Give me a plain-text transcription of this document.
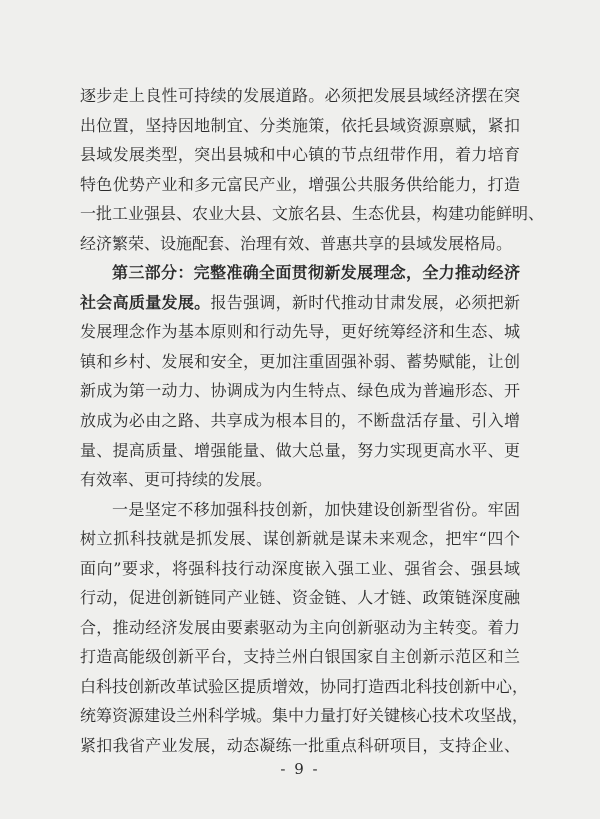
逐步走上良性可持续的发展道路。必须把发展县域经济摆在突
出位置，坚持因地制宜、分类施策，依托县域资源禀赋，紧扣
县域发展类型，突出县城和中心镇的节点纽带作用，着力培育
特色优势产业和多元富民产业，增强公共服务供给能力，打造
一批工业强县、农业大县、文旅名县、生态优县，构建功能鲜明、
经济繁荣、设施配套、治理有效、普惠共享的县域发展格局。
第三部分：完整准确全面贯彻新发展理念，全力推动经济
社会高质量发展。报告强调，新时代推动甘肃发展，必须把新
发展理念作为基本原则和行动先导，更好统筹经济和生态、城
镇和乡村、发展和安全，更加注重固强补弱、蓄势赋能，让创
新成为第一动力、协调成为内生特点、绿色成为普遍形态、开
放成为必由之路、共享成为根本目的，不断盘活存量、引入增
量、提高质量、增强能量、做大总量，努力实现更高水平、更
有效率、更可持续的发展。
一是坚定不移加强科技创新，加快建设创新型省份。牢固
树立抓科技就是抓发展、谋创新就是谋未来观念，把牢“四个
面向”要求，将强科技行动深度嵌入强工业、强省会、强县域
行动，促进创新链同产业链、资金链、人才链、政策链深度融
合，推动经济发展由要素驱动为主向创新驱动为主转变。着力
打造高能级创新平台，支持兰州白银国家自主创新示范区和兰
白科技创新改革试验区提质增效，协同打造西北科技创新中心，
统筹资源建设兰州科学城。集中力量打好关键核心技术攻坚战，
紧扣我省产业发展，动态凝练一批重点科研项目，支持企业、
- 9 -
